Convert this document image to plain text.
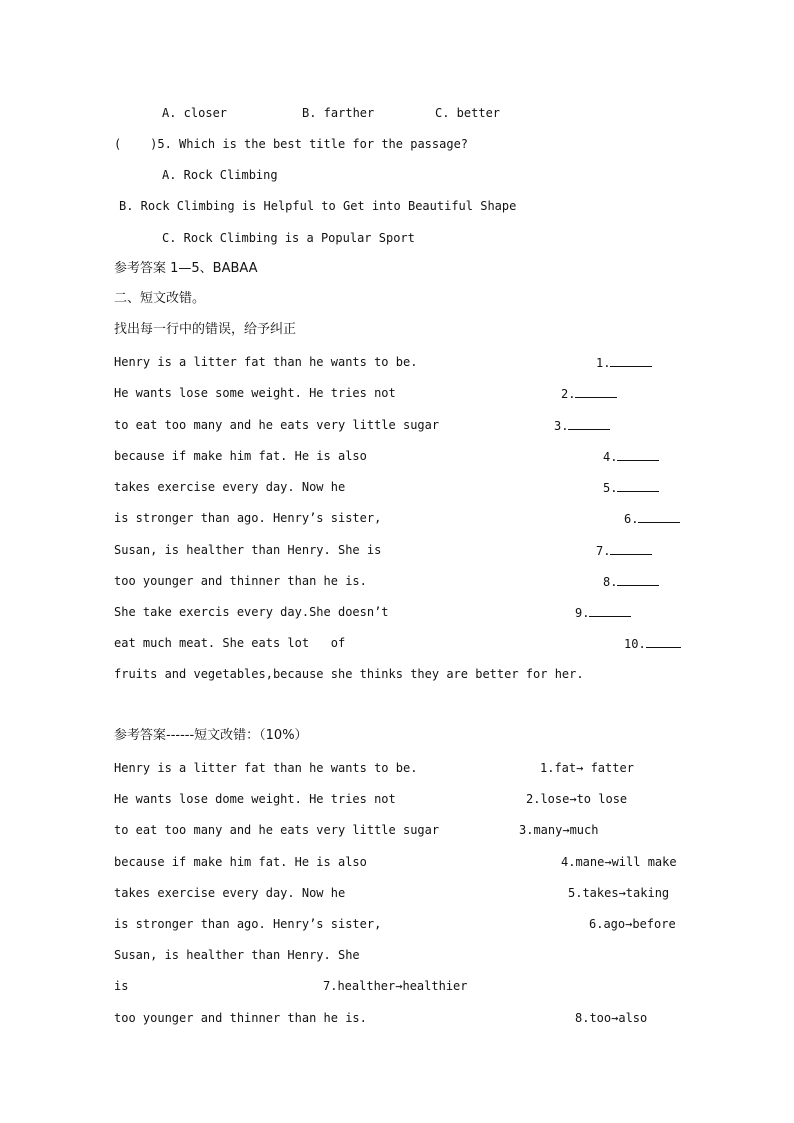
A. closer	B. farther	C. better
(    )5. Which is the best title for the passage?
A. Rock Climbing
B. Rock Climbing is Helpful to Get into Beautiful Shape
C. Rock Climbing is a Popular Sport
参考答案 1—5、BABAA
二、短文改错。
找出每一行中的错误，给予纠正
Henry is a litter fat than he wants to be.	1.
He wants lose some weight. He tries not	2.
to eat too many and he eats very little sugar	3.
because if make him fat. He is also	4.
takes exercise every day. Now he	5.
is stronger than ago. Henry’s sister,	6.
Susan, is healther than Henry. She is	7.
too younger and thinner than he is.	8.
She take exercis every day.She doesn’t	9.
eat much meat. She eats lot   of	10.
fruits and vegetables,because she thinks they are better for her.
参考答案------短文改错：（10%）
Henry is a litter fat than he wants to be.	1.fat→ fatter
He wants lose dome weight. He tries not	2.lose→to lose
to eat too many and he eats very little sugar	3.many→much
because if make him fat. He is also	4.mane→will make
takes exercise every day. Now he	5.takes→taking
is stronger than ago. Henry’s sister,	6.ago→before
Susan, is healther than Henry. She
is	7.healther→healthier
too younger and thinner than he is.	8.too→also
